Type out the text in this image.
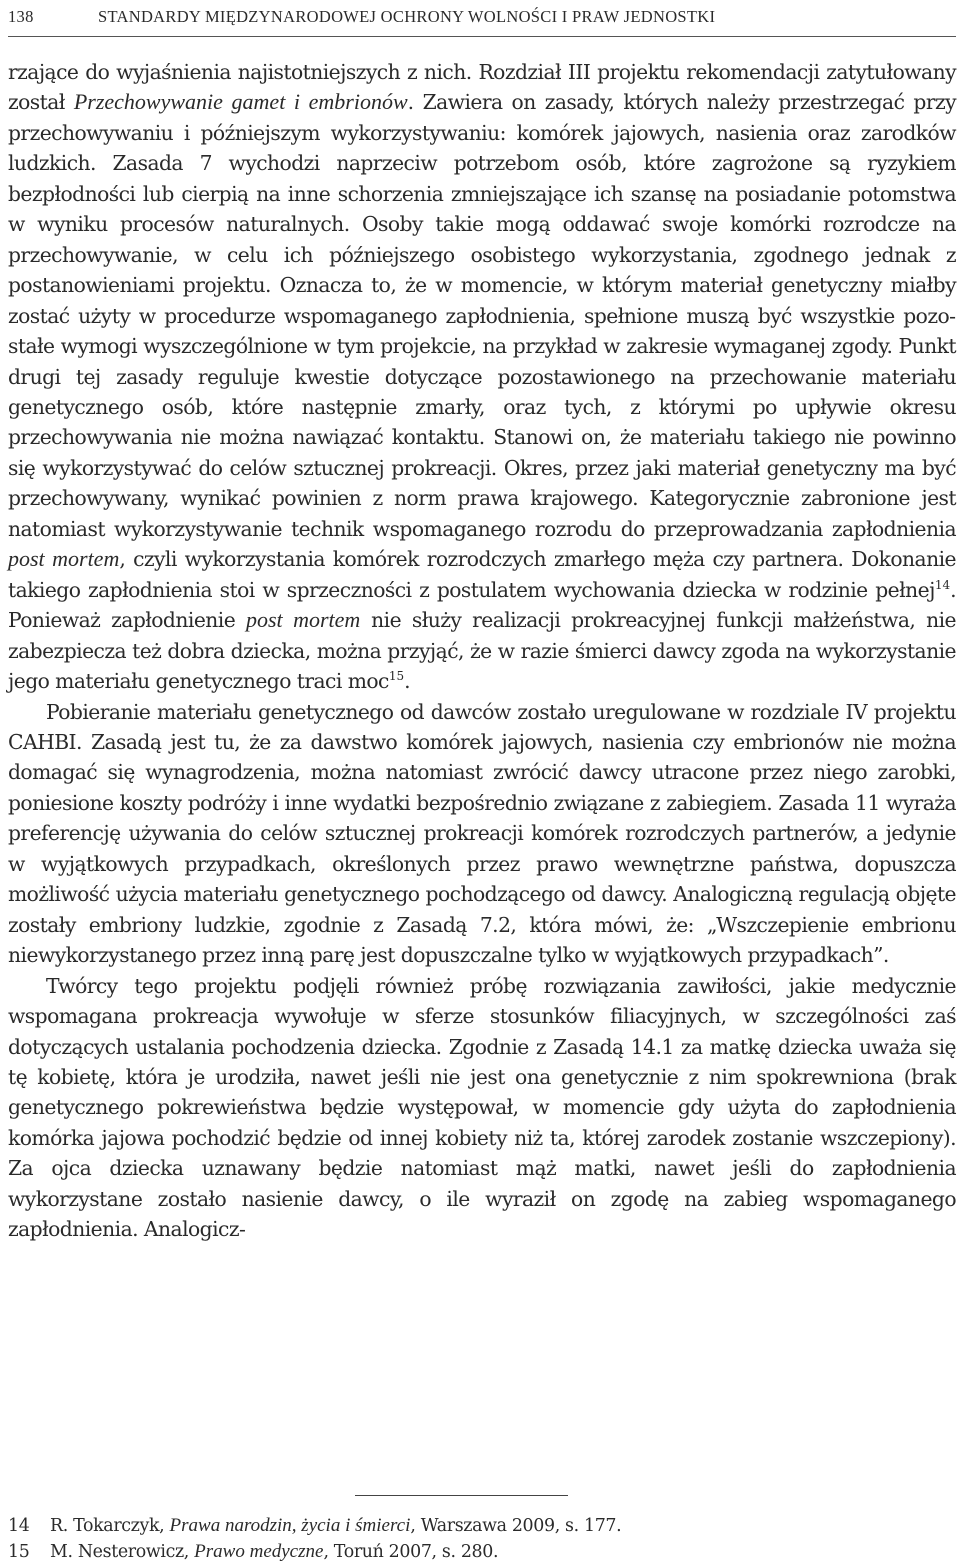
138	STANDARDY MIĘDZYNARODOWEJ OCHRONY WOLNOŚCI I PRAW JEDNOSTKI

rzające do wyjaśnienia najistotniejszych z nich. Rozdział III projektu rekomendacji zatytułowany został Przechowywanie gamet i embrionów. Zawiera on zasady, których należy przestrzegać przy przechowywaniu i późniejszym wykorzystywaniu: komórek jajowych, nasienia oraz zarodków ludzkich. Zasada 7 wychodzi naprzeciw potrzebom osób, które zagrożone są ryzykiem bezpłodności lub cierpią na inne schorzenia zmniejszające ich szansę na posiadanie potomstwa w wyniku procesów naturalnych. Osoby takie mogą oddawać swoje komórki rozrodcze na przechowywanie, w celu ich późniejszego osobistego wykorzystania, zgodnego jednak z postanowieniami projektu. Oznacza to, że w momencie, w którym materiał genetyczny miałby zostać użyty w procedurze wspomaganego zapłodnienia, spełnione muszą być wszystkie pozostałe wymogi wyszczególnione w tym projekcie, na przykład w zakresie wymaganej zgody. Punkt drugi tej zasady reguluje kwestie dotyczące pozostawionego na przechowanie materiału genetycznego osób, które następnie zmarły, oraz tych, z którymi po upływie okresu przechowywania nie można nawiązać kontaktu. Stanowi on, że materiału takiego nie powinno się wykorzystywać do celów sztucznej prokreacji. Okres, przez jaki materiał genetyczny ma być przechowywany, wynikać powinien z norm prawa krajowego. Kategorycznie zabronione jest natomiast wykorzystywanie technik wspomaganego rozrodu do przeprowadzania zapłodnienia post mortem, czyli wykorzystania komórek rozrodczych zmarłego męża czy partnera. Dokonanie takiego zapłodnienia stoi w sprzeczności z postulatem wychowania dziecka w rodzinie pełnej$^{14}$. Ponieważ zapłodnienie post mortem nie służy realizacji prokreacyjnej funkcji małżeństwa, nie zabezpiecza też dobra dziecka, można przyjąć, że w razie śmierci dawcy zgoda na wykorzystanie jego materiału genetycznego traci moc$^{15}$.

Pobieranie materiału genetycznego od dawców zostało uregulowane w rozdziale IV projektu CAHBI. Zasadą jest tu, że za dawstwo komórek jajowych, nasienia czy embrionów nie można domagać się wynagrodzenia, można natomiast zwrócić dawcy utracone przez niego zarobki, poniesione koszty podróży i inne wydatki bezpośrednio związane z zabiegiem. Zasada 11 wyraża preferencję używania do celów sztucznej prokreacji komórek rozrodczych partnerów, a jedynie w wyjątkowych przypadkach, określonych przez prawo wewnętrzne państwa, dopuszcza możliwość użycia materiału genetycznego pochodzącego od dawcy. Analogiczną regulacją objęte zostały embriony ludzkie, zgodnie z Zasadą 7.2, która mówi, że: „Wszczepienie embrionu niewykorzystanego przez inną parę jest dopuszczalne tylko w wyjątkowych przypadkach”.

Twórcy tego projektu podjęli również próbę rozwiązania zawiłości, jakie medycznie wspomagana prokreacja wywołuje w sferze stosunków filiacyjnych, w szczególności zaś dotyczących ustalania pochodzenia dziecka. Zgodnie z Zasadą 14.1 za matkę dziecka uważa się tę kobietę, która je urodziła, nawet jeśli nie jest ona genetycznie z nim spokrewniona (brak genetycznego pokrewieństwa będzie występował, w momencie gdy użyta do zapłodnienia komórka jajowa pochodzić będzie od innej kobiety niż ta, której zarodek zostanie wszczepiony). Za ojca dziecka uznawany będzie natomiast mąż matki, nawet jeśli do zapłodnienia wykorzystane zostało nasienie dawcy, o ile wyraził on zgodę na zabieg wspomaganego zapłodnienia. Analogicz-

14	R. Tokarczyk, Prawa narodzin, życia i śmierci, Warszawa 2009, s. 177.
15	M. Nesterowicz, Prawo medyczne, Toruń 2007, s. 280.
